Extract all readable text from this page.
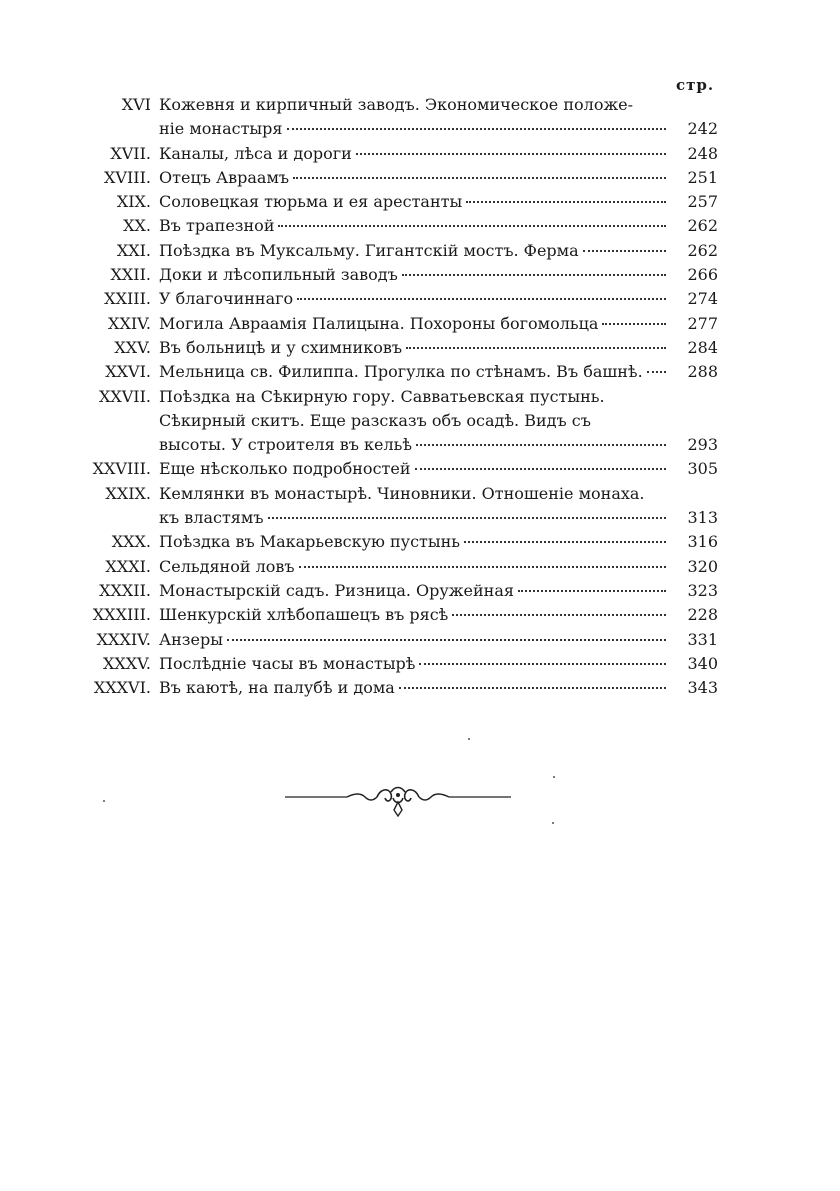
стр.
XVI Кожевня и кирпичный заводъ. Экономическое положе-
ніе монастыря	242
XVII. Каналы, лѣса и дороги	248
XVIII. Отецъ Авраамъ	251
XIX. Соловецкая тюрьма и ея арестанты	257
XX. Въ трапезной	262
XXI. Поѣздка въ Муксальму. Гигантскій мостъ. Ферма	262
XXII. Доки и лѣсопильный заводъ	266
XXIII. У благочиннаго	274
XXIV. Могила Авраамія Палицына. Похороны богомольца	277
XXV. Въ больницѣ и у схимниковъ	284
XXVI. Мельница св. Филиппа. Прогулка по стѣнамъ. Въ башнѣ.	288
XXVII. Поѣздка на Сѣкирную гору. Савватьевская пустынь.
Сѣкирный скитъ. Еще разсказъ объ осадѣ. Видъ съ
высоты. У строителя въ кельѣ	293
XXVIII. Еще нѣсколько подробностей	305
XXIX. Кемлянки въ монастырѣ. Чиновники. Отношеніе монаха.
къ властямъ	313
XXX. Поѣздка въ Макарьевскую пустынь	316
XXXI. Сельдяной ловъ	320
XXXII. Монастырскій садъ. Ризница. Оружейная	323
XXXIII. Шенкурскій хлѣбопашецъ въ рясѣ	228
XXXIV. Анзеры	331
XXXV. Послѣдніе часы въ монастырѣ	340
XXXVI. Въ каютѣ, на палубѣ и дома	343
